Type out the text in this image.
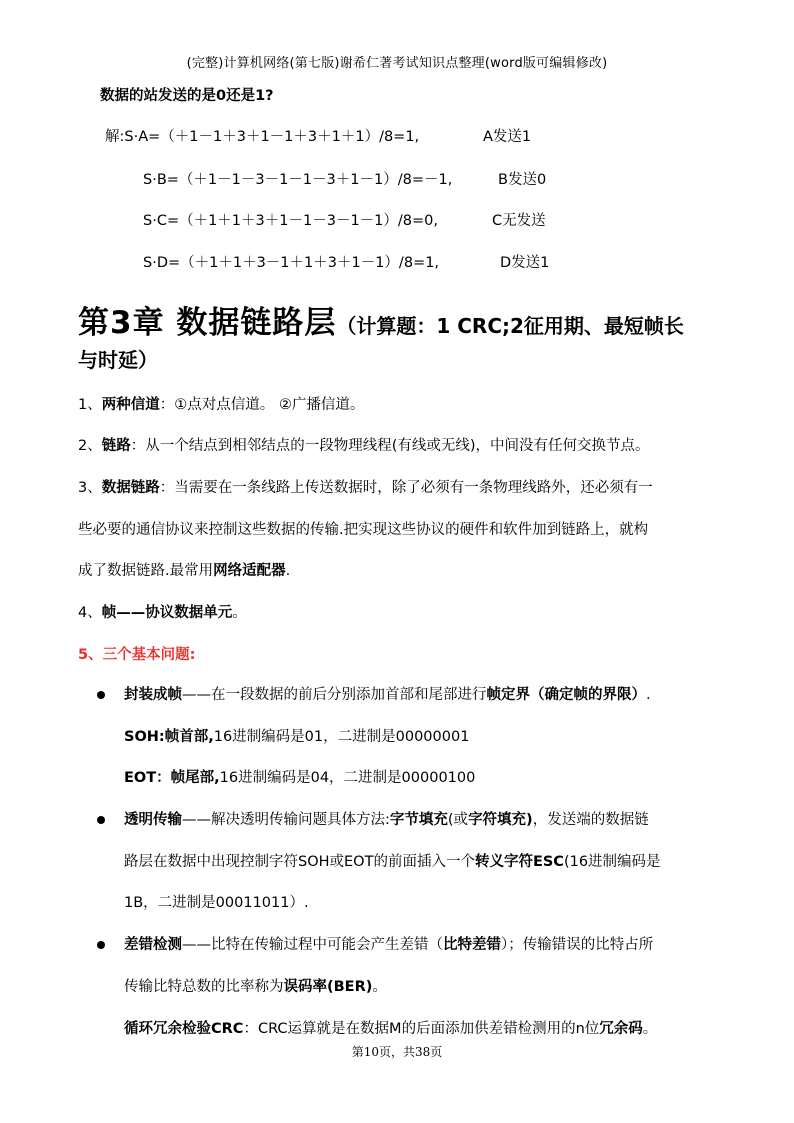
(完整)计算机网络(第七版)谢希仁著考试知识点整理(word版可编辑修改)
数据的站发送的是0还是1?
解:S·A=（＋1－1＋3＋1－1＋3＋1＋1）/8=1,	A发送1
S·B=（＋1－1－3－1－1－3＋1－1）/8=－1,	B发送0
S·C=（＋1＋1＋3＋1－1－3－1－1）/8=0,	C无发送
S·D=（＋1＋1＋3－1＋1＋3＋1－1）/8=1,	D发送1
第3章 数据链路层（计算题：1 CRC;2征用期、最短帧长
与时延）
1、两种信道：①点对点信道。 ②广播信道。
2、链路：从一个结点到相邻结点的一段物理线程(有线或无线)，中间没有任何交换节点。
3、数据链路：当需要在一条线路上传送数据时，除了必须有一条物理线路外，还必须有一
些必要的通信协议来控制这些数据的传输.把实现这些协议的硬件和软件加到链路上，就构
成了数据链路.最常用网络适配器.
4、帧——协议数据单元。
5、三个基本问题:
封装成帧——在一段数据的前后分别添加首部和尾部进行帧定界（确定帧的界限）.
SOH:帧首部,16进制编码是01，二进制是00000001
EOT：帧尾部,16进制编码是04，二进制是00000100
透明传输——解决透明传输问题具体方法:字节填充(或字符填充)，发送端的数据链
路层在数据中出现控制字符SOH或EOT的前面插入一个转义字符ESC(16进制编码是
1B，二进制是00011011）.
差错检测——比特在传输过程中可能会产生差错（比特差错）；传输错误的比特占所
传输比特总数的比率称为误码率(BER)。
循环冗余检验CRC：CRC运算就是在数据M的后面添加供差错检测用的n位冗余码。
第10页，共38页
